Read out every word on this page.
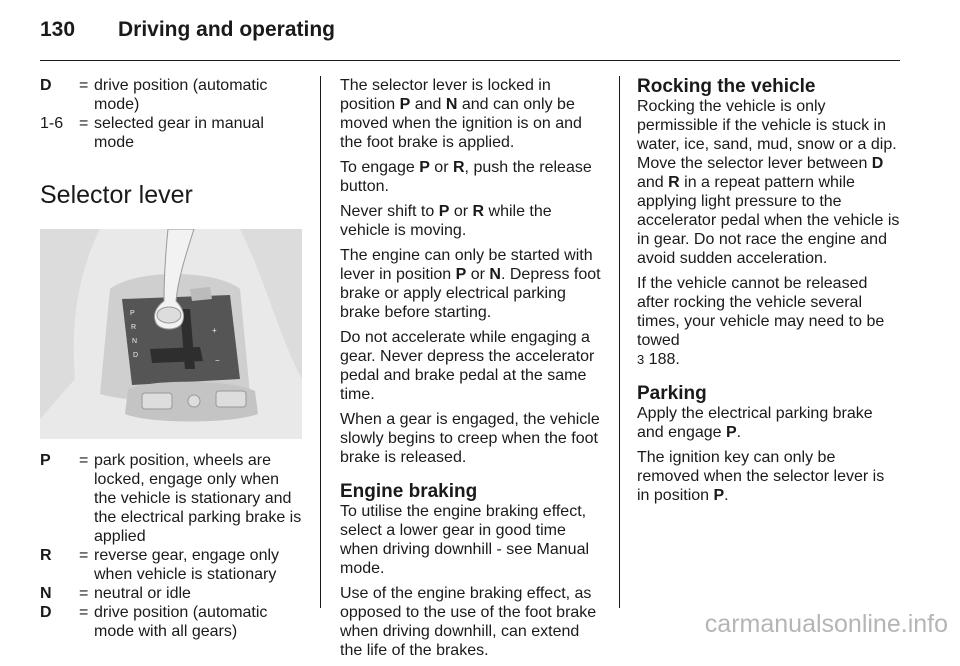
130 Driving and operating
D	= drive position (automatic mode)
1-6 = selected gear in manual mode
Selector lever
P
R
N
D
+
−
P	= park position, wheels are locked, engage only when the vehicle is stationary and the electrical parking brake is applied
R	= reverse gear, engage only when vehicle is stationary
N	= neutral or idle
D	= drive position (automatic mode with all gears)

The selector lever is locked in position P and N and can only be moved when the ignition is on and the foot brake is applied.

To engage P or R, push the release button.

Never shift to P or R while the vehicle is moving.

The engine can only be started with lever in position P or N. Depress foot brake or apply electrical parking brake before starting.

Do not accelerate while engaging a gear. Never depress the accelerator pedal and brake pedal at the same time.

When a gear is engaged, the vehicle slowly begins to creep when the foot brake is released.

Engine braking

To utilise the engine braking effect, select a lower gear in good time when driving downhill - see Manual mode.

Use of the engine braking effect, as opposed to the use of the foot brake when driving downhill, can extend the life of the brakes.

Rocking the vehicle

Rocking the vehicle is only permissible if the vehicle is stuck in water, ice, sand, mud, snow or a dip. Move the selector lever between D and R in a repeat pattern while applying light pressure to the accelerator pedal when the vehicle is in gear. Do not race the engine and avoid sudden acceleration.

If the vehicle cannot be released after rocking the vehicle several times, your vehicle may need to be towed
3 188.

Parking

Apply the electrical parking brake and engage P.

The ignition key can only be removed when the selector lever is in position P.

carmanualsonline.info
